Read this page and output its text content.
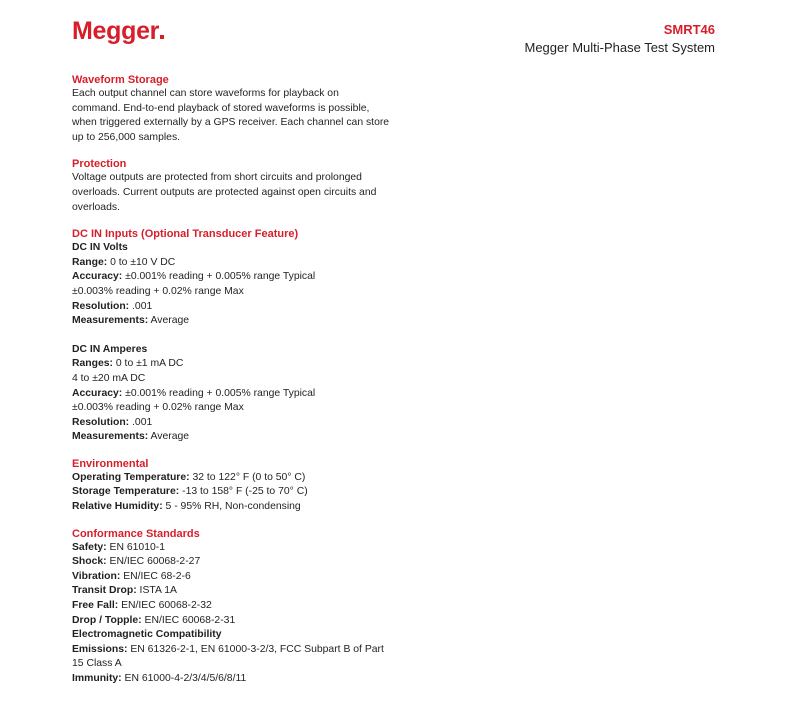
Megger	SMRT46
Megger Multi-Phase Test System

Waveform Storage

Each output channel can store waveforms for playback on

command. End-to-end playback of stored waveforms is possible,

when triggered externally by a GPS receiver. Each channel can store

up to 256,000 samples.

Protection

Voltage outputs are protected from short circuits and prolonged

overloads. Current outputs are protected against open circuits and

overloads.

DC IN Inputs (Optional Transducer Feature)

DC IN Volts

Range: 0 to ±10 V DC

Accuracy: ±0.001% reading + 0.005% range Typical

±0.003% reading + 0.02% range Max

Resolution: .001

Measurements: Average

DC IN Amperes

Ranges: 0 to ±1 mA DC

4 to ±20 mA DC

Accuracy: ±0.001% reading + 0.005% range Typical

±0.003% reading + 0.02% range Max

Resolution: .001

Measurements: Average

Environmental

Operating Temperature: 32 to 122° F (0 to 50° C)

Storage Temperature: -13 to 158° F (-25 to 70° C)

Relative Humidity: 5 - 95% RH, Non-condensing

Conformance Standards

Safety: EN 61010-1

Shock: EN/IEC 60068-2-27

Vibration: EN/IEC 68-2-6

Transit Drop: ISTA 1A

Free Fall: EN/IEC 60068-2-32

Drop / Topple: EN/IEC 60068-2-31

Electromagnetic Compatibility

Emissions: EN 61326-2-1, EN 61000-3-2/3, FCC Subpart B of Part

15 Class A

Immunity: EN 61000-4-2/3/4/5/6/8/11
